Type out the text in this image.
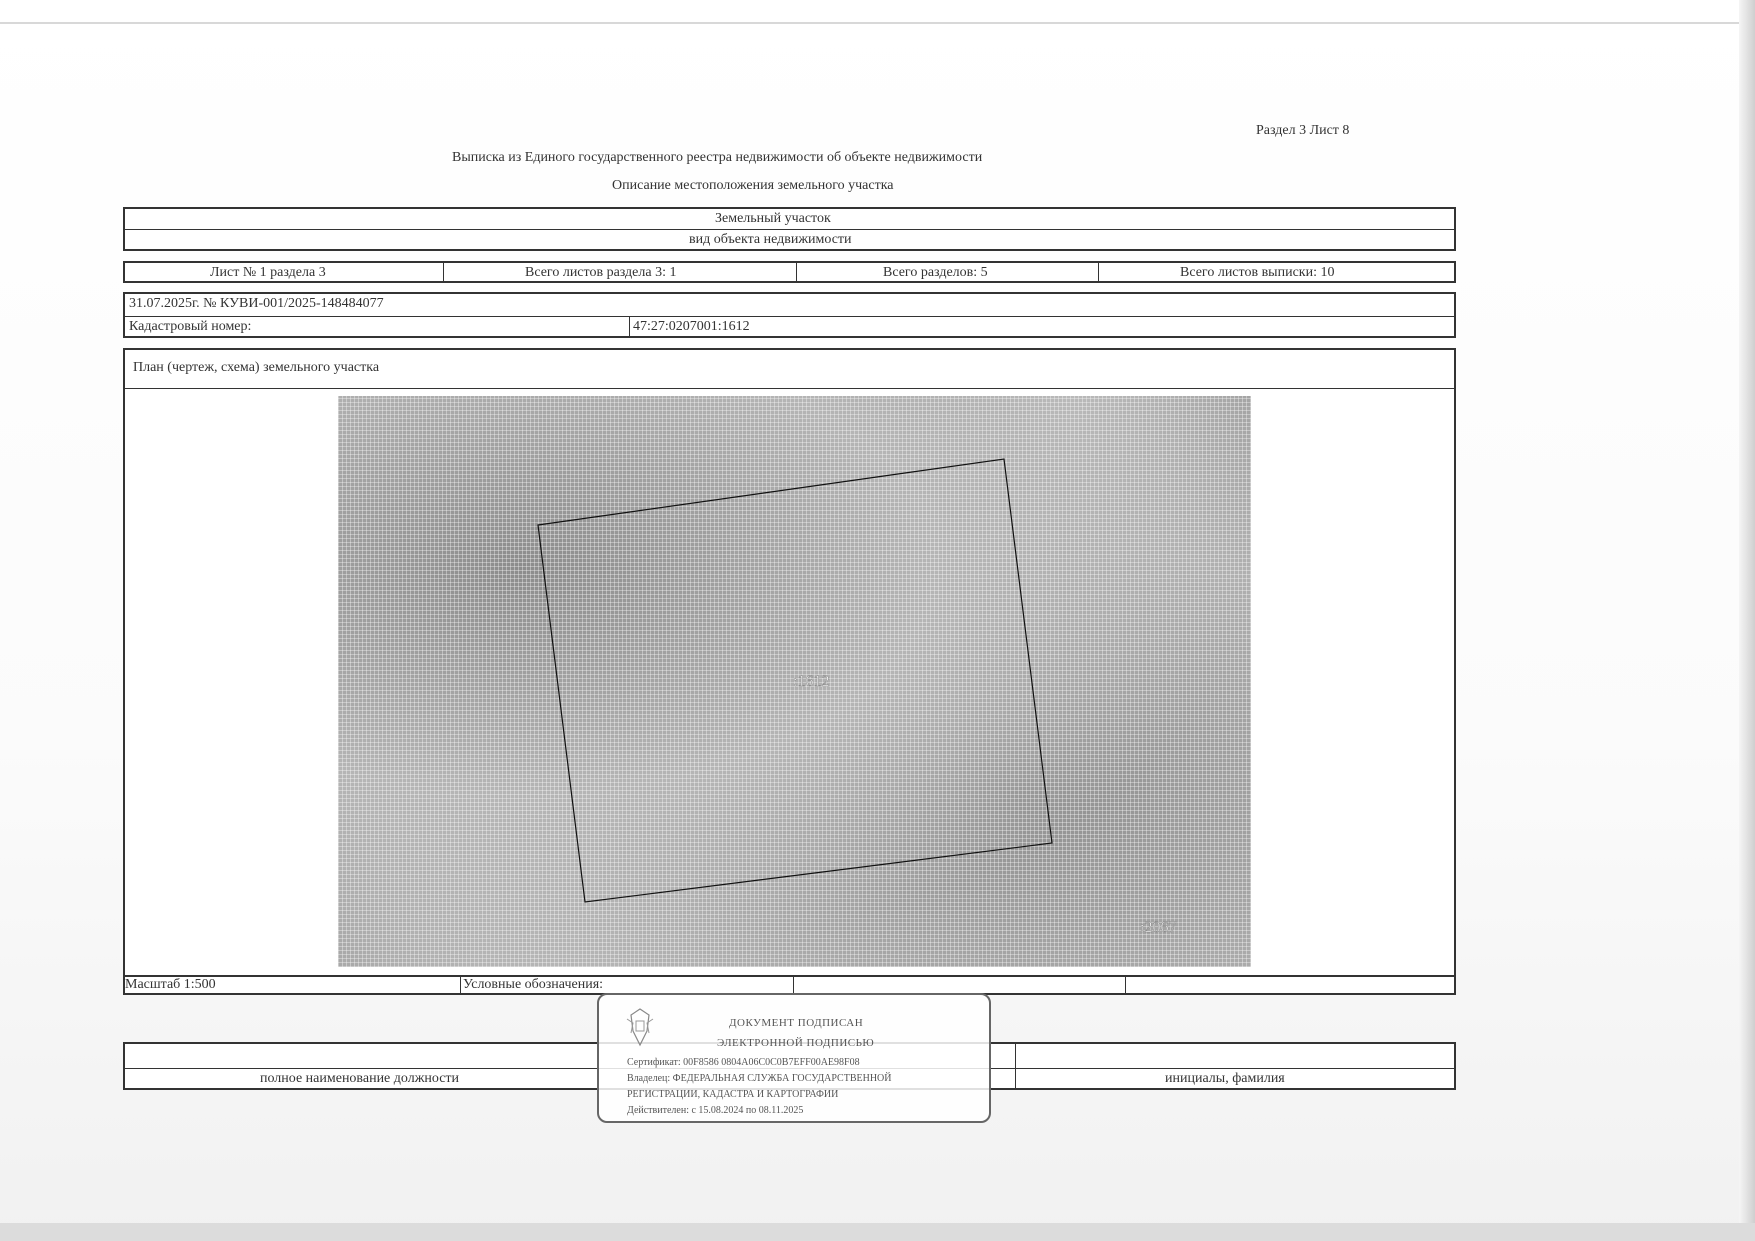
Раздел 3 Лист 8
Выписка из Единого государственного реестра недвижимости об объекте недвижимости
Описание местоположения земельного участка
Земельный участок
вид объекта недвижимости
Лист № 1 раздела 3	Всего листов раздела 3: 1	Всего разделов: 5	Всего листов выписки: 10
31.07.2025г. № КУВИ-001/2025-148484077
Кадастровый номер:	47:27:0207001:1612
План (чертеж, схема) земельного участка
:1612
:2067
Масштаб 1:500	Условные обозначения:
полное наименование должности	инициалы, фамилия
ДОКУМЕНТ ПОДПИСАН
ЭЛЕКТРОННОЙ ПОДПИСЬЮ
Сертификат: 00F8586 0804A06C0C0B7EFF00AE98F08
Владелец: ФЕДЕРАЛЬНАЯ СЛУЖБА ГОСУДАРСТВЕННОЙ
РЕГИСТРАЦИИ, КАДАСТРА И КАРТОГРАФИИ
Действителен: с 15.08.2024 по 08.11.2025
